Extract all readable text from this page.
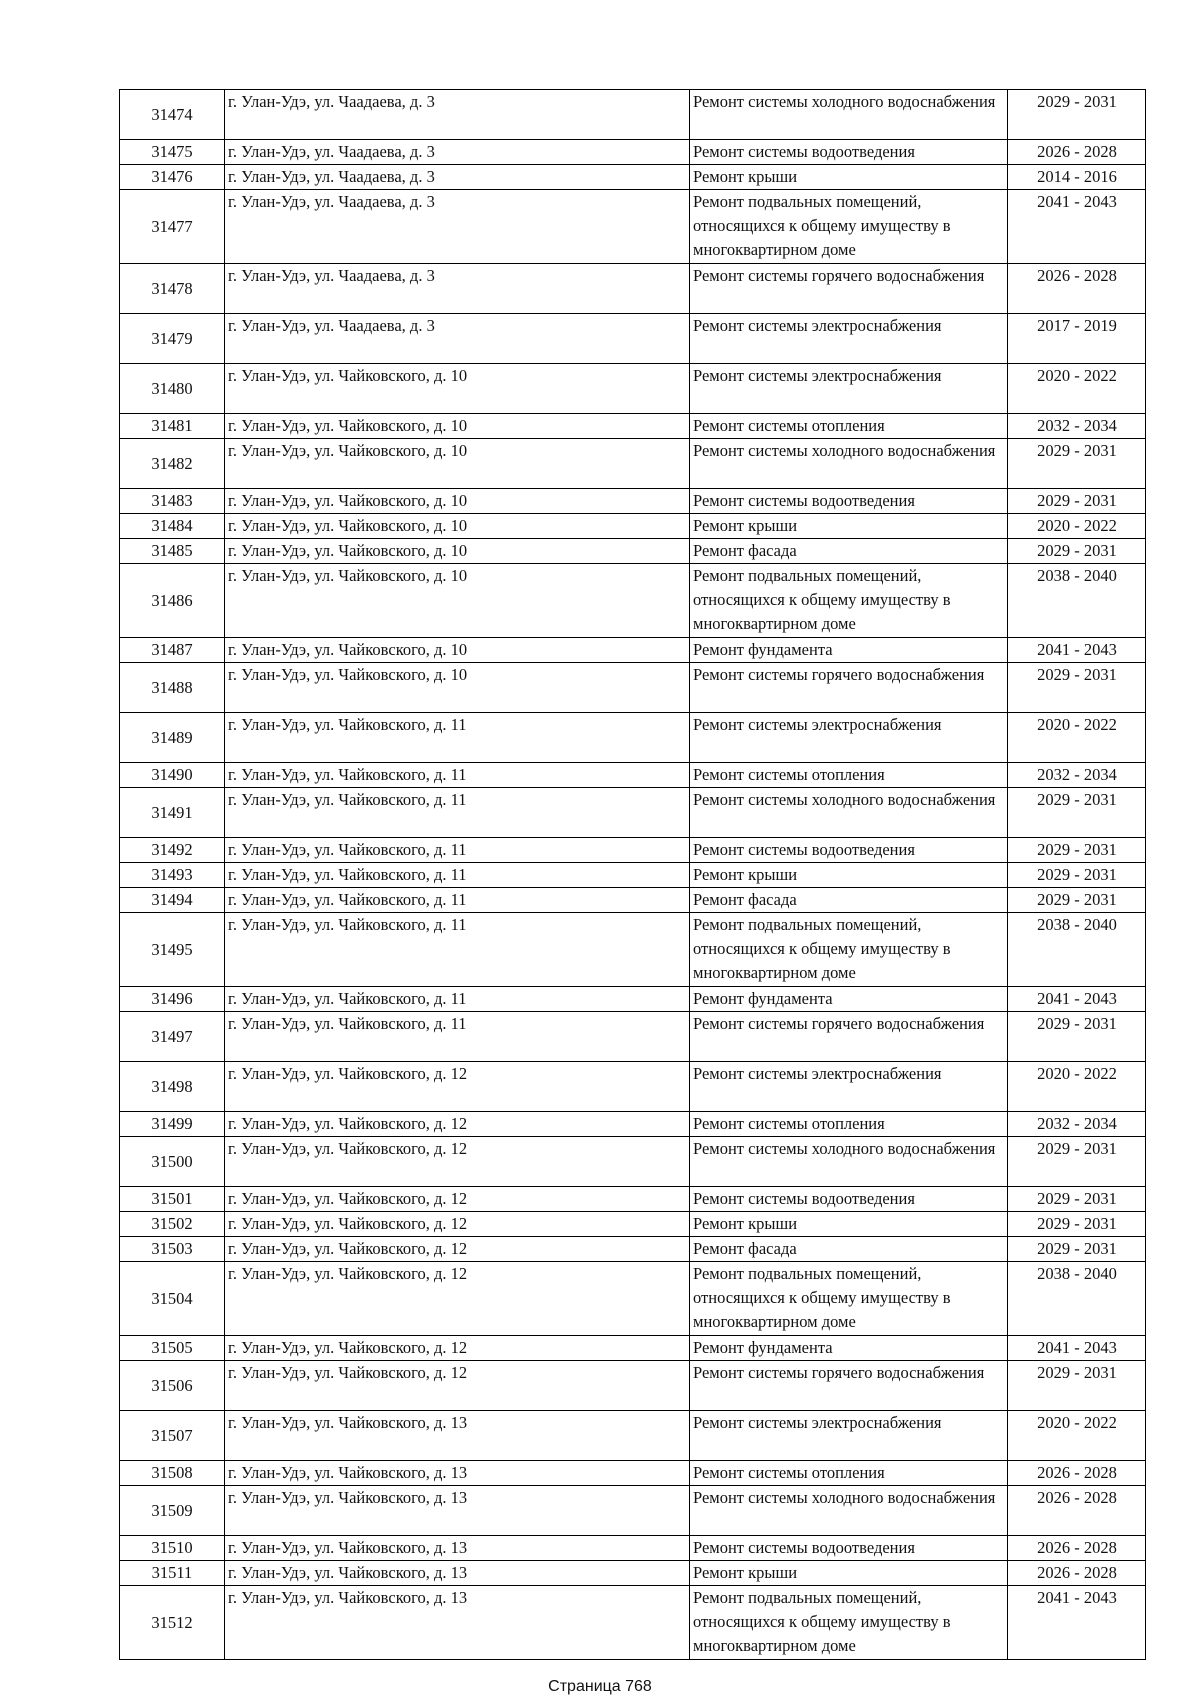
31474	г. Улан-Удэ, ул. Чаадаева, д. 3	Ремонт системы холодного водоснабжения	2029 - 2031
31475	г. Улан-Удэ, ул. Чаадаева, д. 3	Ремонт системы водоотведения	2026 - 2028
31476	г. Улан-Удэ, ул. Чаадаева, д. 3	Ремонт крыши	2014 - 2016
31477	г. Улан-Удэ, ул. Чаадаева, д. 3	Ремонт подвальных помещений, относящихся к общему имуществу в многоквартирном доме	2041 - 2043
31478	г. Улан-Удэ, ул. Чаадаева, д. 3	Ремонт системы горячего водоснабжения	2026 - 2028
31479	г. Улан-Удэ, ул. Чаадаева, д. 3	Ремонт системы электроснабжения	2017 - 2019
31480	г. Улан-Удэ, ул. Чайковского, д. 10	Ремонт системы электроснабжения	2020 - 2022
31481	г. Улан-Удэ, ул. Чайковского, д. 10	Ремонт системы отопления	2032 - 2034
31482	г. Улан-Удэ, ул. Чайковского, д. 10	Ремонт системы холодного водоснабжения	2029 - 2031
31483	г. Улан-Удэ, ул. Чайковского, д. 10	Ремонт системы водоотведения	2029 - 2031
31484	г. Улан-Удэ, ул. Чайковского, д. 10	Ремонт крыши	2020 - 2022
31485	г. Улан-Удэ, ул. Чайковского, д. 10	Ремонт фасада	2029 - 2031
31486	г. Улан-Удэ, ул. Чайковского, д. 10	Ремонт подвальных помещений, относящихся к общему имуществу в многоквартирном доме	2038 - 2040
31487	г. Улан-Удэ, ул. Чайковского, д. 10	Ремонт фундамента	2041 - 2043
31488	г. Улан-Удэ, ул. Чайковского, д. 10	Ремонт системы горячего водоснабжения	2029 - 2031
31489	г. Улан-Удэ, ул. Чайковского, д. 11	Ремонт системы электроснабжения	2020 - 2022
31490	г. Улан-Удэ, ул. Чайковского, д. 11	Ремонт системы отопления	2032 - 2034
31491	г. Улан-Удэ, ул. Чайковского, д. 11	Ремонт системы холодного водоснабжения	2029 - 2031
31492	г. Улан-Удэ, ул. Чайковского, д. 11	Ремонт системы водоотведения	2029 - 2031
31493	г. Улан-Удэ, ул. Чайковского, д. 11	Ремонт крыши	2029 - 2031
31494	г. Улан-Удэ, ул. Чайковского, д. 11	Ремонт фасада	2029 - 2031
31495	г. Улан-Удэ, ул. Чайковского, д. 11	Ремонт подвальных помещений, относящихся к общему имуществу в многоквартирном доме	2038 - 2040
31496	г. Улан-Удэ, ул. Чайковского, д. 11	Ремонт фундамента	2041 - 2043
31497	г. Улан-Удэ, ул. Чайковского, д. 11	Ремонт системы горячего водоснабжения	2029 - 2031
31498	г. Улан-Удэ, ул. Чайковского, д. 12	Ремонт системы электроснабжения	2020 - 2022
31499	г. Улан-Удэ, ул. Чайковского, д. 12	Ремонт системы отопления	2032 - 2034
31500	г. Улан-Удэ, ул. Чайковского, д. 12	Ремонт системы холодного водоснабжения	2029 - 2031
31501	г. Улан-Удэ, ул. Чайковского, д. 12	Ремонт системы водоотведения	2029 - 2031
31502	г. Улан-Удэ, ул. Чайковского, д. 12	Ремонт крыши	2029 - 2031
31503	г. Улан-Удэ, ул. Чайковского, д. 12	Ремонт фасада	2029 - 2031
31504	г. Улан-Удэ, ул. Чайковского, д. 12	Ремонт подвальных помещений, относящихся к общему имуществу в многоквартирном доме	2038 - 2040
31505	г. Улан-Удэ, ул. Чайковского, д. 12	Ремонт фундамента	2041 - 2043
31506	г. Улан-Удэ, ул. Чайковского, д. 12	Ремонт системы горячего водоснабжения	2029 - 2031
31507	г. Улан-Удэ, ул. Чайковского, д. 13	Ремонт системы электроснабжения	2020 - 2022
31508	г. Улан-Удэ, ул. Чайковского, д. 13	Ремонт системы отопления	2026 - 2028
31509	г. Улан-Удэ, ул. Чайковского, д. 13	Ремонт системы холодного водоснабжения	2026 - 2028
31510	г. Улан-Удэ, ул. Чайковского, д. 13	Ремонт системы водоотведения	2026 - 2028
31511	г. Улан-Удэ, ул. Чайковского, д. 13	Ремонт крыши	2026 - 2028
31512	г. Улан-Удэ, ул. Чайковского, д. 13	Ремонт подвальных помещений, относящихся к общему имуществу в многоквартирном доме	2041 - 2043
Страница 768
